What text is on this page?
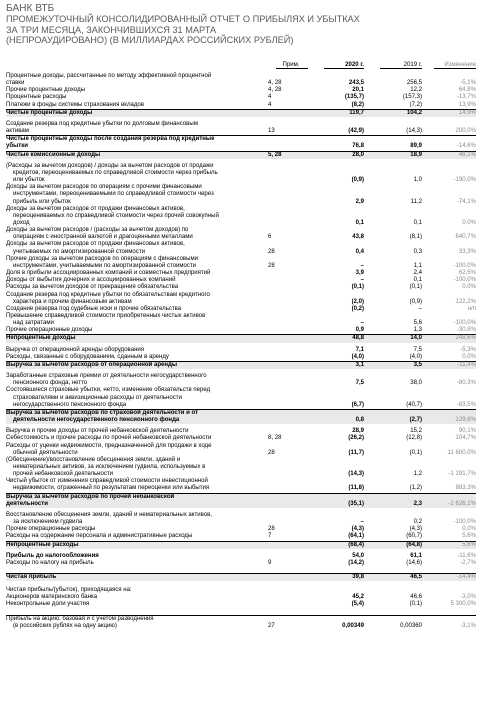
БАНК ВТБ
ПРОМЕЖУТОЧНЫЙ КОНСОЛИДИРОВАННЫЙ ОТЧЕТ О ПРИБЫЛЯХ И УБЫТКАХ
ЗА ТРИ МЕСЯЦА, ЗАКОНЧИВШИХСЯ 31 МАРТА
(НЕПРОАУДИРОВАНО) (В МИЛЛИАРДАХ РОССИЙСКИХ РУБЛЕЙ)
Прим.	2020 г.	2019 г.	Изменение
Процентные доходы, рассчитанные по методу эффективной процентной
ставки	4, 28	243,5	256,5	-5,1%
Прочие процентные доходы	4, 28	20,1	12,2	64,8%
Процентные расходы	4	(135,7)	(157,3)	-13,7%
Платежи в фонды системы страхования вкладов	4	(8,2)	(7,2)	13,9%
Чистые процентные доходы	119,7	104,2	14,9%
Создание резерва под кредитные убытки по долговым финансовым
активам	13	(42,9)	(14,3)	200,0%
Чистые процентные доходы после создания резерва под кредитные
убытки	76,8	89,9	-14,6%
Чистые комиссионные доходы	5, 28	28,0	18,9	48,1%
(Расходы за вычетом доходов) / доходы за вычетом расходов от продажи
кредитов, переоцениваемых по справедливой стоимости через прибыль
или убыток	(0,9)	1,0	-190,0%
Доходы за вычетом расходов по операциям с прочими финансовыми
инструментами, переоцениваемыми по справедливой стоимости через
прибыль или убыток	2,9	11,2	-74,1%
Доходы за вычетом расходов от продажи финансовых активов,
переоцениваемых по справедливой стоимости через прочий совокупный
доход	0,1	0,1	0,0%
Доходы за вычетом расходов / (расходы за вычетом доходов) по
операциям с иностранной валютой и драгоценными металлами	6	43,8	(8,1)	640,7%
Доходы за вычетом расходов от продажи финансовых активов,
учитываемых по амортизированной стоимости	28	0,4	0,3	33,3%
Прочие доходы за вычетом расходов по операциям с финансовыми
инструментами, учитываемыми по амортизированной стоимости	28	–	1,1	-100,0%
Доля в прибыли ассоциированных компаний и совместных предприятий	3,9	2,4	62,5%
Доходы от выбытия дочерних и ассоциированных компаний	–	0,1	-100,0%
Расходы за вычетом доходов от прекращения обязательства	(0,1)	(0,1)	0,0%
Создание резерва под кредитные убытки по обязательствам кредитного
характера и прочим финансовым активам	(2,0)	(0,9)	122,2%
Создание резерва под судебные иски и прочие обязательства	(0,2)	–	н/п
Превышение справедливой стоимости приобретенных чистых активов
над затратами	–	5,6	-100,0%
Прочие операционные доходы	0,9	1,3	-30,8%
Непроцентные доходы	48,8	14,0	248,6%
Выручка от операционной аренды оборудования	7,1	7,5	-5,3%
Расходы, связанные с оборудованием, сданным в аренду	(4,0)	(4,0)	0,0%
Выручка за вычетом расходов от операционной аренды	3,1	3,5	-11,4%
Заработанные страховые премии от деятельности негосударственного
пенсионного фонда, нетто	7,5	38,0	-80,3%
Состоявшиеся страховые убытки, нетто, изменение обязательств перед
страхователями и аквизиционные расходы от деятельности
негосударственного пенсионного фонда	(6,7)	(40,7)	-83,5%
Выручка за вычетом расходов по страховой деятельности и от
деятельности негосударственного пенсионного фонда	0,8	(2,7)	129,6%
Выручка и прочие доходы от прочей небанковской деятельности	28,9	15,2	90,1%
Себестоимость и прочие расходы по прочей небанковской деятельности	8, 28	(26,2)	(12,8)	104,7%
Расходы от уценки недвижимости, предназначенной для продажи в ходе
обычной деятельности	28	(11,7)	(0,1)	11 600,0%
(Обесценение)/восстановление обесценения земли, зданий и
нематериальных активов, за исключением гудвила, используемых в
прочей небанковской деятельности	(14,3)	1,2	-1 291,7%
Чистый убыток от изменения справедливой стоимости инвестиционной
недвижимости, отраженный по результатам переоценки или выбытия	(11,8)	(1,2)	883,3%
Выручка за вычетом расходов по прочей небанковской
деятельности	(35,1)	2,3	-1 626,1%
Восстановление обесценения земли, зданий и нематериальных активов,
за исключением гудвила	–	0,2	-100,0%
Прочие операционные расходы	28	(4,3)	(4,3)	0,0%
Расходы на содержание персонала и административные расходы	7	(64,1)	(60,7)	5,6%
Непроцентные расходы	(68,4)	(64,8)	5,6%
Прибыль до налогообложения	54,0	61,1	-11,6%
Расходы по налогу на прибыль	9	(14,2)	(14,6)	-2,7%
Чистая прибыль	39,8	46,5	-14,4%
Чистая прибыль/(убыток), приходящаяся на:
Акционеров материнского банка	45,2	46,6	-3,0%
Неконтрольные доли участия	(5,4)	(0,1)	5 300,0%
Прибыль на акцию: базовая и с учетом разводнения
(в российских рублях на одну акцию)	27	0,00349	0,00360	-3,1%
